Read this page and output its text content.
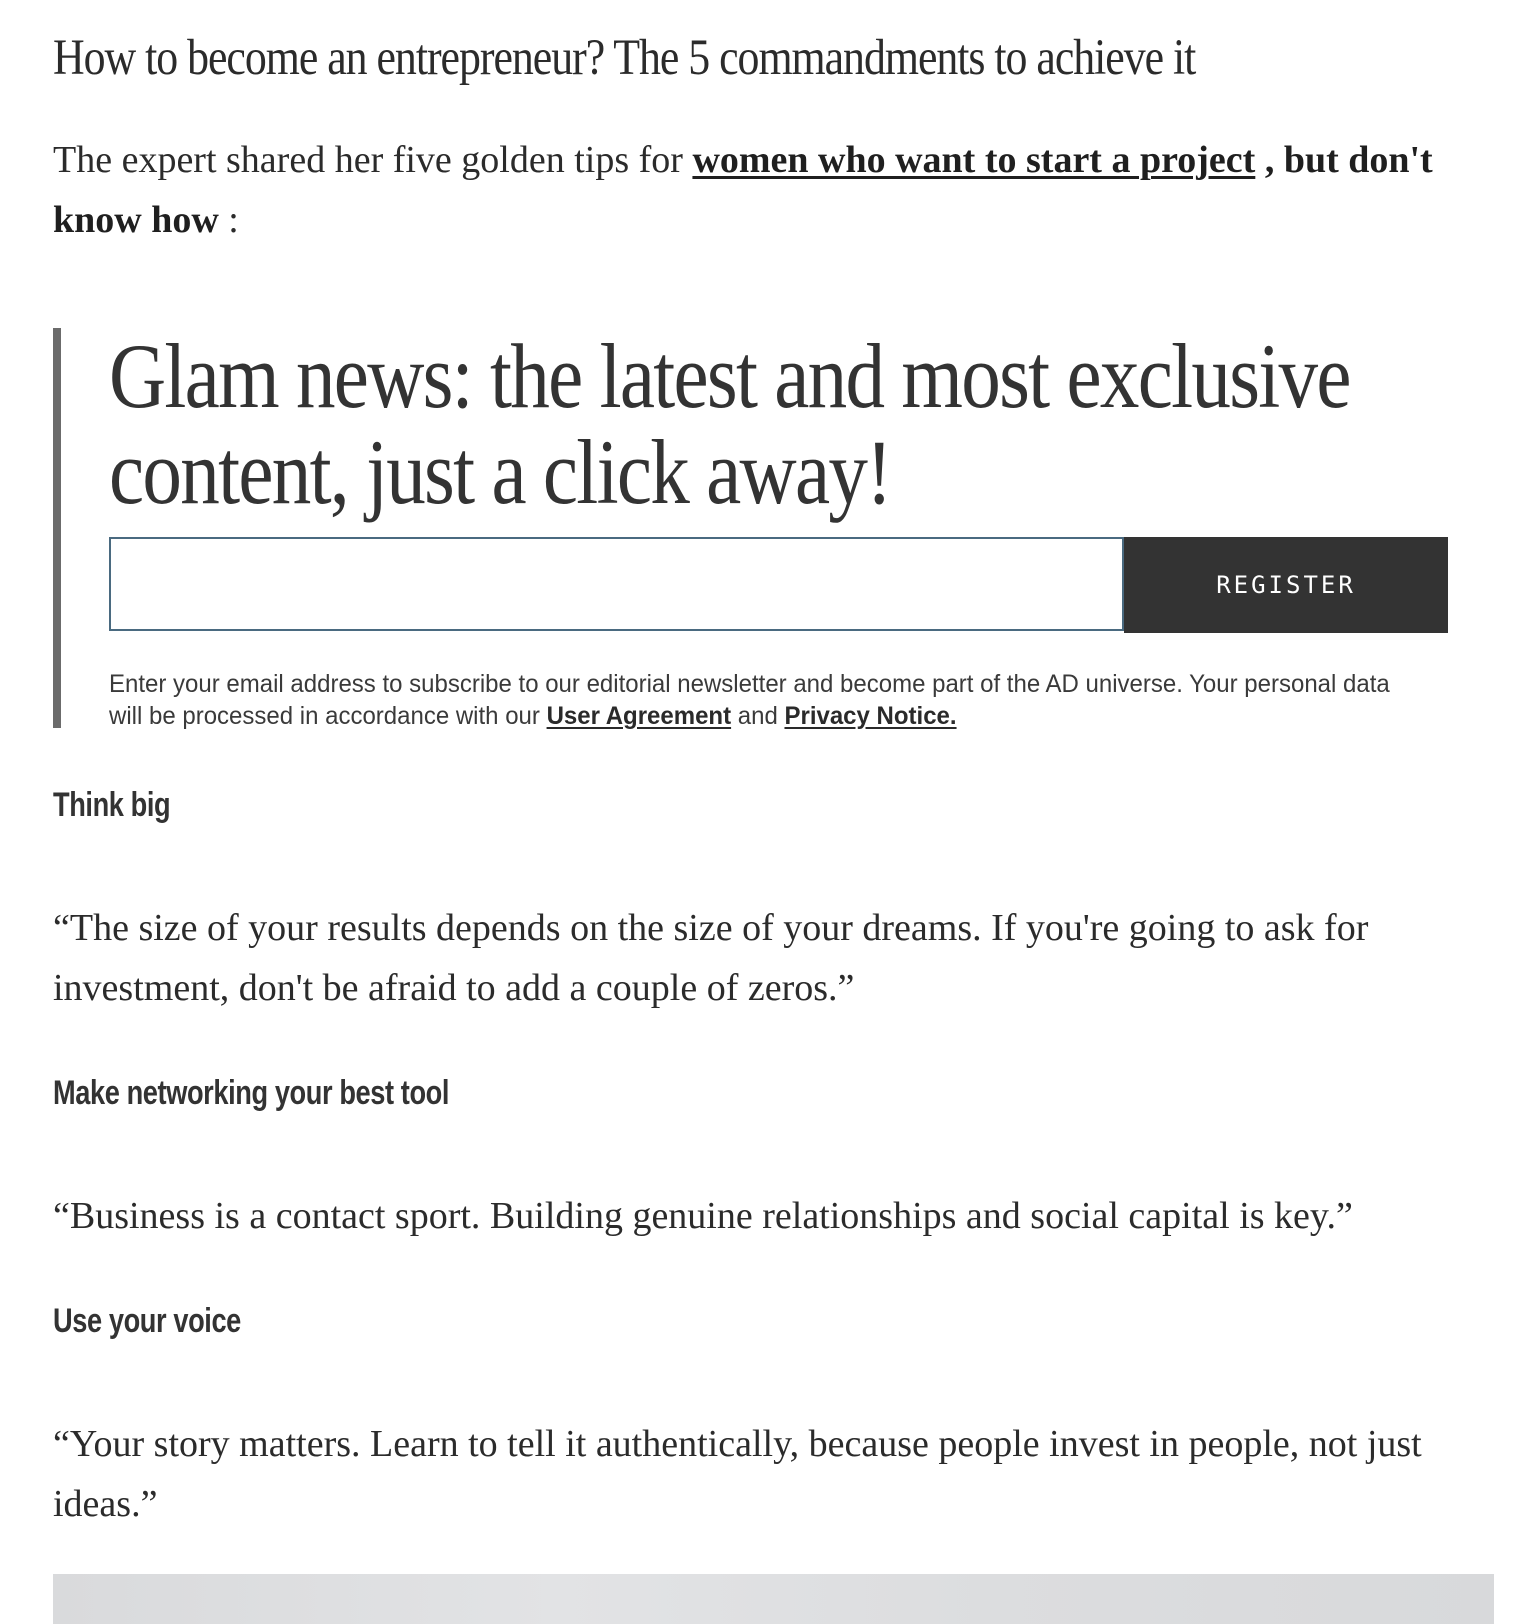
How to become an entrepreneur? The 5 commandments to achieve it

The expert shared her five golden tips for women who want to start a project , but don't know how :

Glam news: the latest and most exclusive content, just a click away!
REGISTER

Enter your email address to subscribe to our editorial newsletter and become part of the AD universe. Your personal data will be processed in accordance with our User Agreement and Privacy Notice.

Think big

“The size of your results depends on the size of your dreams. If you're going to ask for investment, don't be afraid to add a couple of zeros.”

Make networking your best tool

“Business is a contact sport. Building genuine relationships and social capital is key.”

Use your voice

“Your story matters. Learn to tell it authentically, because people invest in people, not just ideas.”
